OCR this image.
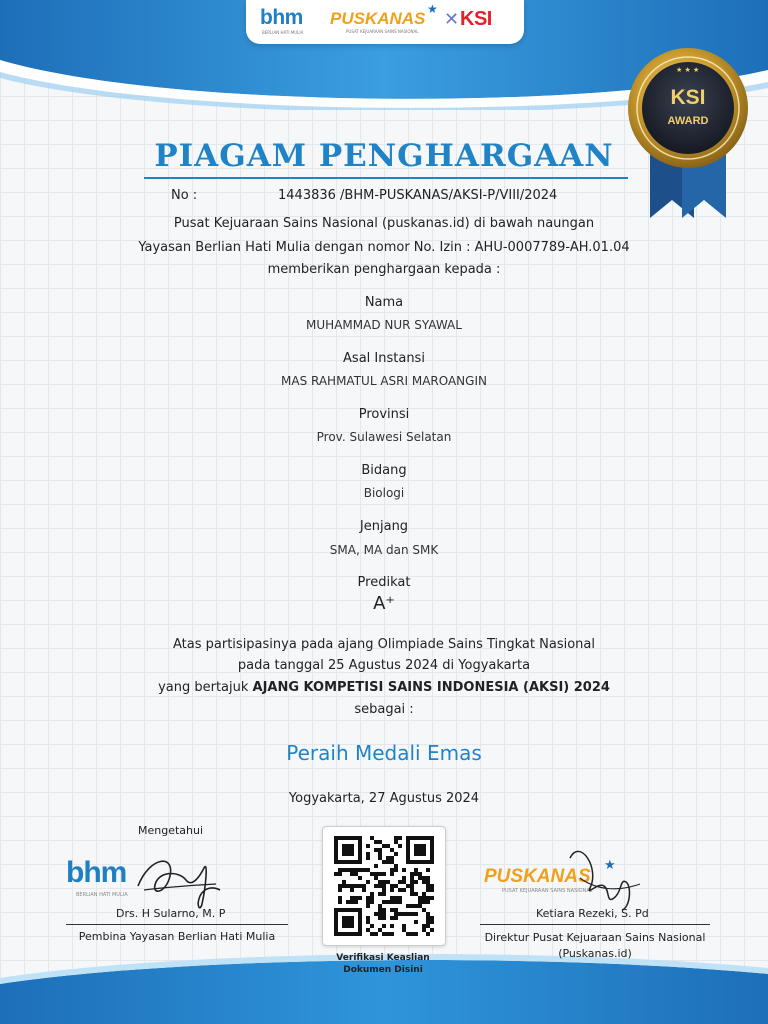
bhm
BERLIAN HATI MULIA
PUSKANAS
PUSAT KEJUARAAN SAINS NASIONAL
★ ✕ KSI
★ ★ ★
KSI
AWARD
PIAGAM PENGHARGAAN
No :	1443836 /BHM-PUSKANAS/AKSI-P/VIII/2024
Pusat Kejuaraan Sains Nasional (puskanas.id) di bawah naungan
Yayasan Berlian Hati Mulia dengan nomor No. Izin : AHU-0007789-AH.01.04
memberikan penghargaan kepada :
Nama
MUHAMMAD NUR SYAWAL
Asal Instansi
MAS RAHMATUL ASRI MAROANGIN
Provinsi
Prov. Sulawesi Selatan
Bidang
Biologi
Jenjang
SMA, MA dan SMK
Predikat
A⁺
Atas partisipasinya pada ajang Olimpiade Sains Tingkat Nasional
pada tanggal 25 Agustus 2024 di Yogyakarta
yang bertajuk AJANG KOMPETISI SAINS INDONESIA (AKSI) 2024
sebagai :
Peraih Medali Emas
Yogyakarta, 27 Agustus 2024
Mengetahui
bhm
BERLIAN HATI MULIA
Drs. H Sularno, M. P
Pembina Yayasan Berlian Hati Mulia
Verifikasi Keaslian
Dokumen Disini
PUSKANAS
★
PUSAT KEJUARAAN SAINS NASIONAL
Ketiara Rezeki, S. Pd
Direktur Pusat Kejuaraan Sains Nasional
(Puskanas.id)
